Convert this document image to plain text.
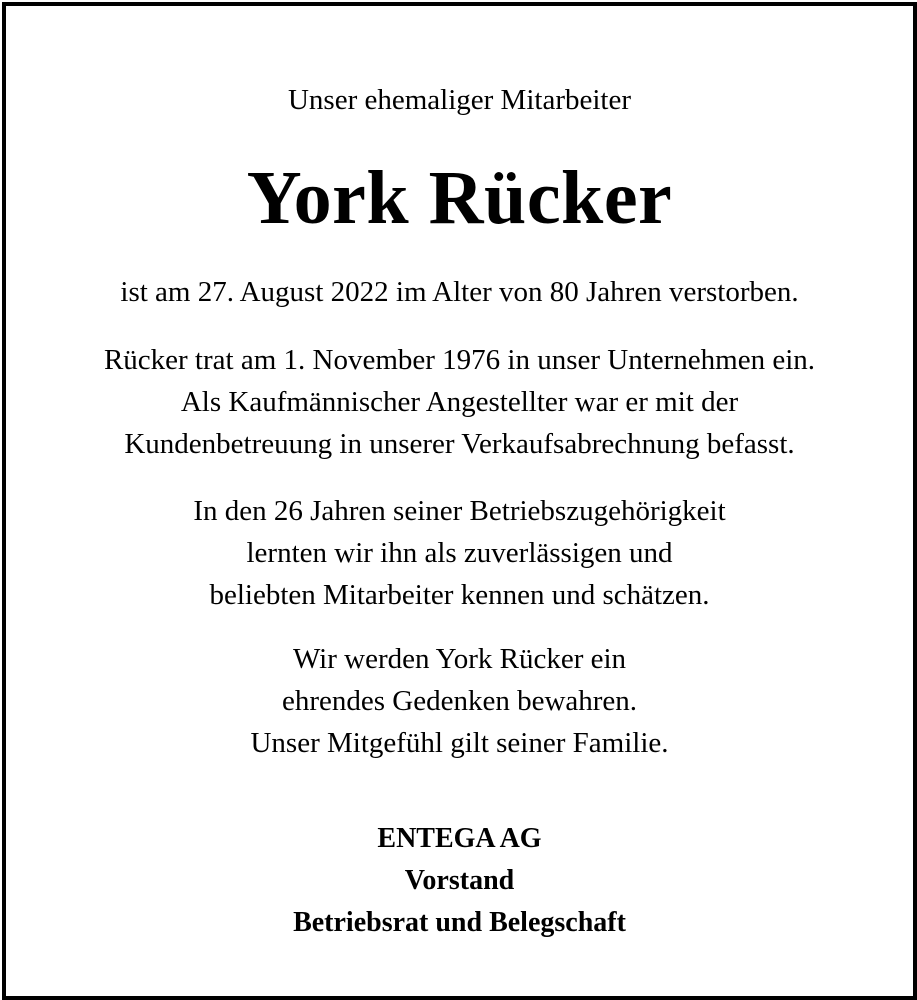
Unser ehemaliger Mitarbeiter
York Rücker
ist am 27. August 2022 im Alter von 80 Jahren verstorben.
Rücker trat am 1. November 1976 in unser Unternehmen ein.
Als Kaufmännischer Angestellter war er mit der
Kundenbetreuung in unserer Verkaufsabrechnung befasst.
In den 26 Jahren seiner Betriebszugehörigkeit
lernten wir ihn als zuverlässigen und
beliebten Mitarbeiter kennen und schätzen.
Wir werden York Rücker ein
ehrendes Gedenken bewahren.
Unser Mitgefühl gilt seiner Familie.
ENTEGA AG
Vorstand
Betriebsrat und Belegschaft
